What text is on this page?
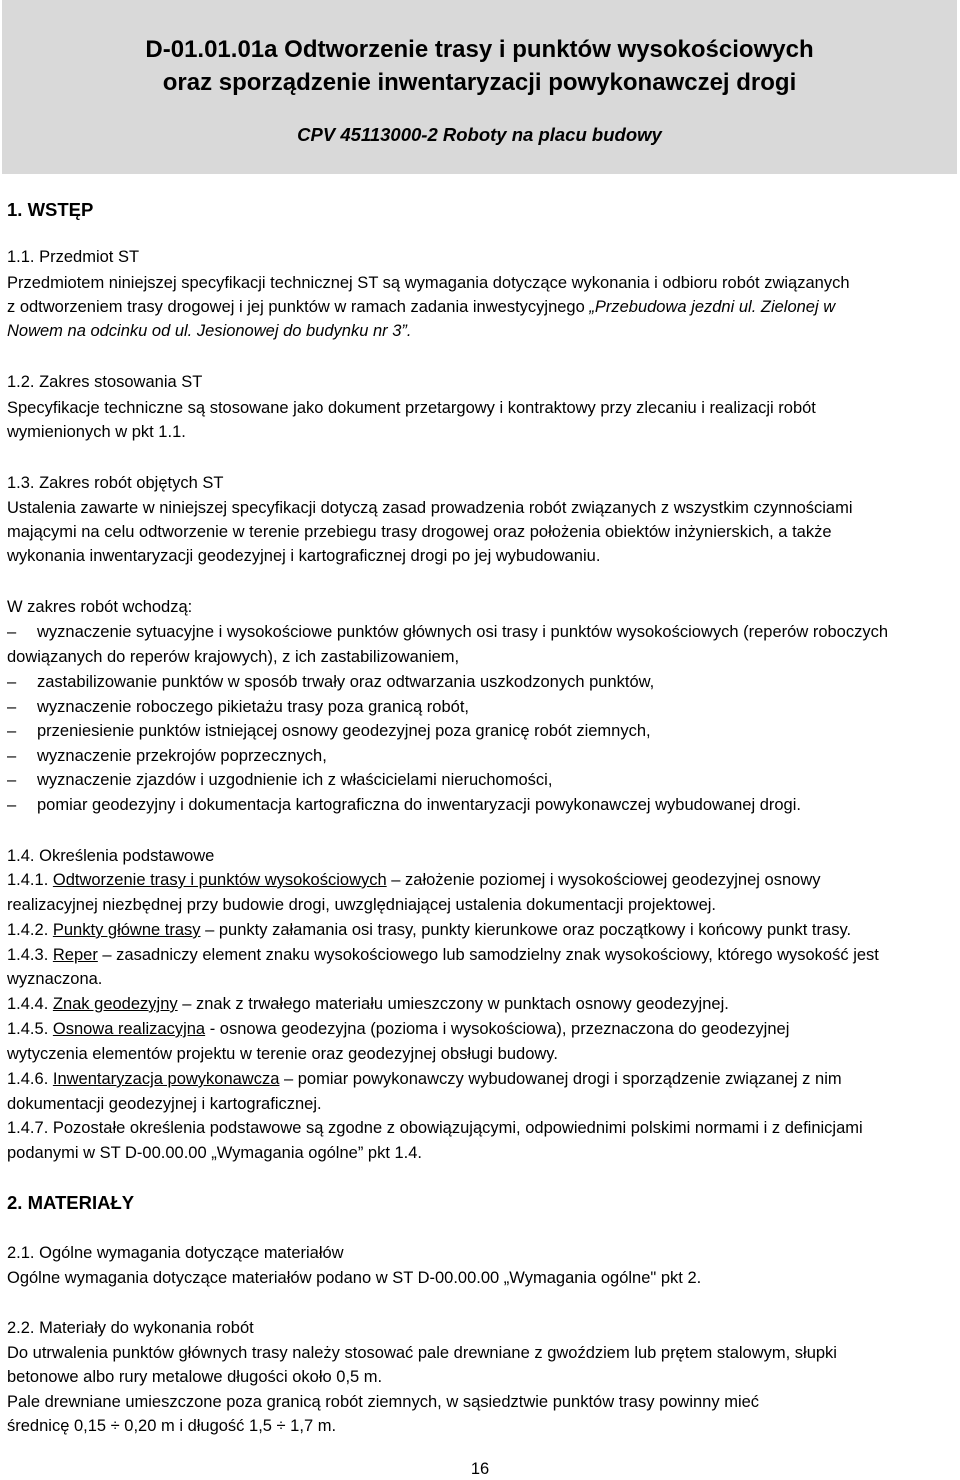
D-01.01.01a Odtworzenie trasy i punktów wysokościowych
oraz sporządzenie inwentaryzacji powykonawczej drogi
CPV 45113000-2 Roboty na placu budowy
1. WSTĘP
1.1. Przedmiot ST
Przedmiotem niniejszej specyfikacji technicznej ST są wymagania dotyczące wykonania i odbioru robót związanych
z odtworzeniem trasy drogowej i jej punktów w ramach zadania inwestycyjnego „Przebudowa jezdni ul. Zielonej w
Nowem na odcinku od ul. Jesionowej do budynku nr 3”.
1.2. Zakres stosowania ST
Specyfikacje techniczne są stosowane jako dokument przetargowy i kontraktowy przy zlecaniu i realizacji robót
wymienionych w pkt 1.1.
1.3. Zakres robót objętych ST
Ustalenia zawarte w niniejszej specyfikacji dotyczą zasad prowadzenia robót związanych z wszystkim czynnościami
mającymi na celu odtworzenie w terenie przebiegu trasy drogowej oraz położenia obiektów inżynierskich, a także
wykonania inwentaryzacji geodezyjnej i kartograficznej drogi po jej wybudowaniu.
W zakres robót wchodzą:
– wyznaczenie sytuacyjne i wysokościowe punktów głównych osi trasy i punktów wysokościowych (reperów roboczych
dowiązanych do reperów krajowych), z ich zastabilizowaniem,
– zastabilizowanie punktów w sposób trwały oraz odtwarzania uszkodzonych punktów,
– wyznaczenie roboczego pikietażu trasy poza granicą robót,
– przeniesienie punktów istniejącej osnowy geodezyjnej poza granicę robót ziemnych,
– wyznaczenie przekrojów poprzecznych,
– wyznaczenie zjazdów i uzgodnienie ich z właścicielami nieruchomości,
– pomiar geodezyjny i dokumentacja kartograficzna do inwentaryzacji powykonawczej wybudowanej drogi.
1.4. Określenia podstawowe
1.4.1. Odtworzenie trasy i punktów wysokościowych – założenie poziomej i wysokościowej geodezyjnej osnowy
realizacyjnej niezbędnej przy budowie drogi, uwzględniającej ustalenia dokumentacji projektowej.
1.4.2. Punkty główne trasy – punkty załamania osi trasy, punkty kierunkowe oraz początkowy i końcowy punkt trasy.
1.4.3. Reper – zasadniczy element znaku wysokościowego lub samodzielny znak wysokościowy, którego wysokość jest
wyznaczona.
1.4.4. Znak geodezyjny – znak z trwałego materiału umieszczony w punktach osnowy geodezyjnej.
1.4.5. Osnowa realizacyjna - osnowa geodezyjna (pozioma i wysokościowa), przeznaczona do geodezyjnej
wytyczenia elementów projektu w terenie oraz geodezyjnej obsługi budowy.
1.4.6. Inwentaryzacja powykonawcza – pomiar powykonawczy wybudowanej drogi i sporządzenie związanej z nim
dokumentacji geodezyjnej i kartograficznej.
1.4.7. Pozostałe określenia podstawowe są zgodne z obowiązującymi, odpowiednimi polskimi normami i z definicjami
podanymi w ST D-00.00.00 „Wymagania ogólne” pkt 1.4.
2. MATERIAŁY
2.1. Ogólne wymagania dotyczące materiałów
Ogólne wymagania dotyczące materiałów podano w ST D-00.00.00 „Wymagania ogólne" pkt 2.
2.2. Materiały do wykonania robót
Do utrwalenia punktów głównych trasy należy stosować pale drewniane z gwoździem lub prętem stalowym, słupki
betonowe albo rury metalowe długości około 0,5 m.
Pale drewniane umieszczone poza granicą robót ziemnych, w sąsiedztwie punktów trasy powinny mieć
średnicę 0,15 ÷ 0,20 m i długość 1,5 ÷ 1,7 m.
16
